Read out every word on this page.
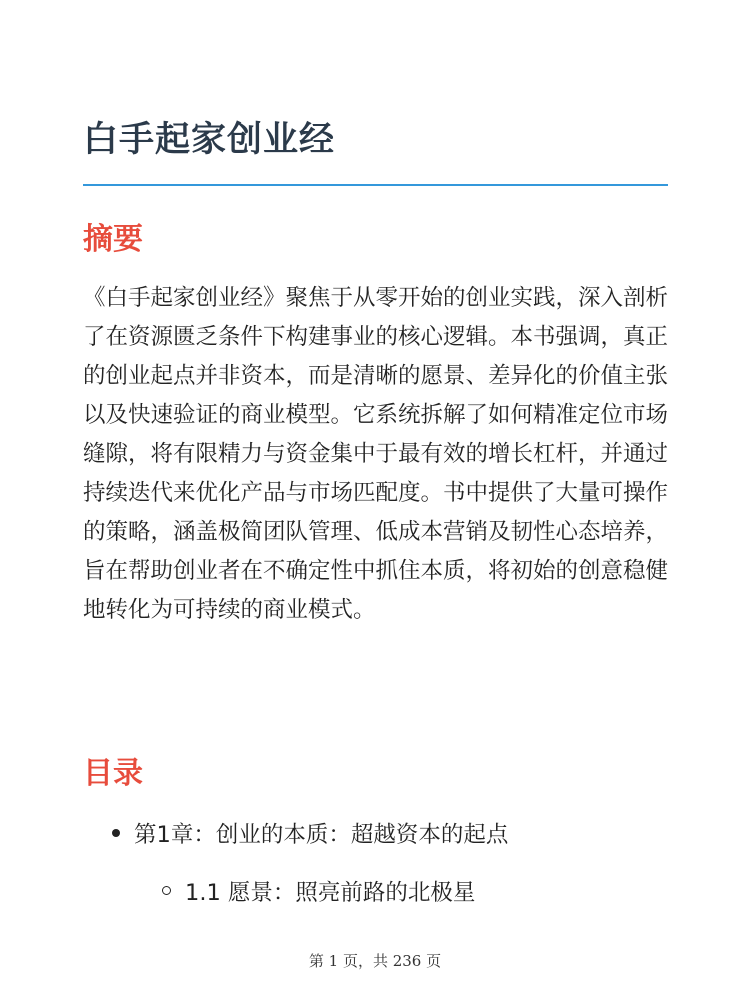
白手起家创业经
摘要

《白手起家创业经》聚焦于从零开始的创业实践，深入剖析了在资源匮乏条件下构建事业的核心逻辑。本书强调，真正的创业起点并非资本，而是清晰的愿景、差异化的价值主张以及快速验证的商业模型。它系统拆解了如何精准定位市场缝隙，将有限精力与资金集中于最有效的增长杠杆，并通过持续迭代来优化产品与市场匹配度。书中提供了大量可操作的策略，涵盖极简团队管理、低成本营销及韧性心态培养，旨在帮助创业者在不确定性中抓住本质，将初始的创意稳健地转化为可持续的商业模式。

目录
第1章：创业的本质：超越资本的起点
1.1 愿景：照亮前路的北极星
第 1 页，共 236 页
